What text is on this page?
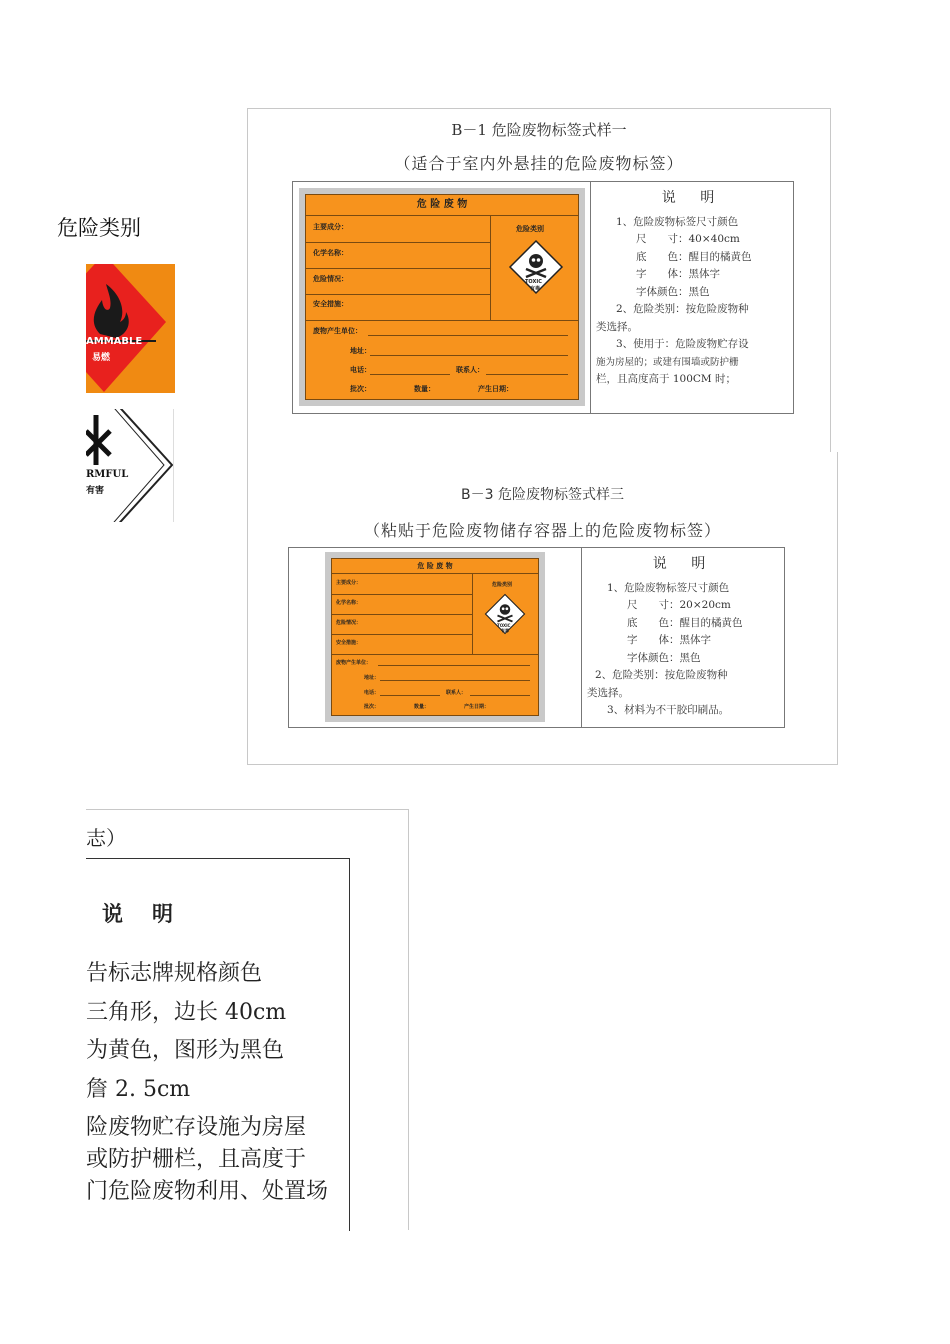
危险类别
AMMABLE
易燃
RMFUL
有害
B－1 危险废物标签式样一
（适合于室内外悬挂的危险废物标签）
危 险 废 物
主要成分：
化学名称：
危险情况：
安全措施：
危险类别
TOXIC
有毒
废物产生单位：
地址：
电话：	联系人：
批次：	数量：	产生日期：
说 明
1、危险废物标签尺寸颜色
尺　　寸：40×40cm
底　　色：醒目的橘黄色
字　　体：黑体字
字体颜色：黑色
2、危险类别：按危险废物种
类选择。
3、使用于：危险废物贮存设
施为房屋的；或建有围墙或防护栅
栏，且高度高于 100CM 时；
B－3 危险废物标签式样三
（粘贴于危险废物储存容器上的危险废物标签）
危 险 废 物
主要成分：
化学名称：
危险情况：
安全措施：
危险类别
TOXIC
有毒
废物产生单位：
地址：
电话：	联系人：
批次：	数量：	产生日期：
说 明
1、危险废物标签尺寸颜色
尺　　寸：20×20cm
底　　色：醒目的橘黄色
字　　体：黑体字
字体颜色：黑色
2、危险类别：按危险废物种
类选择。
3、材料为不干胶印刷品。
志）
说　明
告标志牌规格颜色
三角形，边长 40cm
为黄色，图形为黑色
詹 2. 5cm
险废物贮存设施为房屋
或防护栅栏，且高度于
门危险废物利用、处置场
